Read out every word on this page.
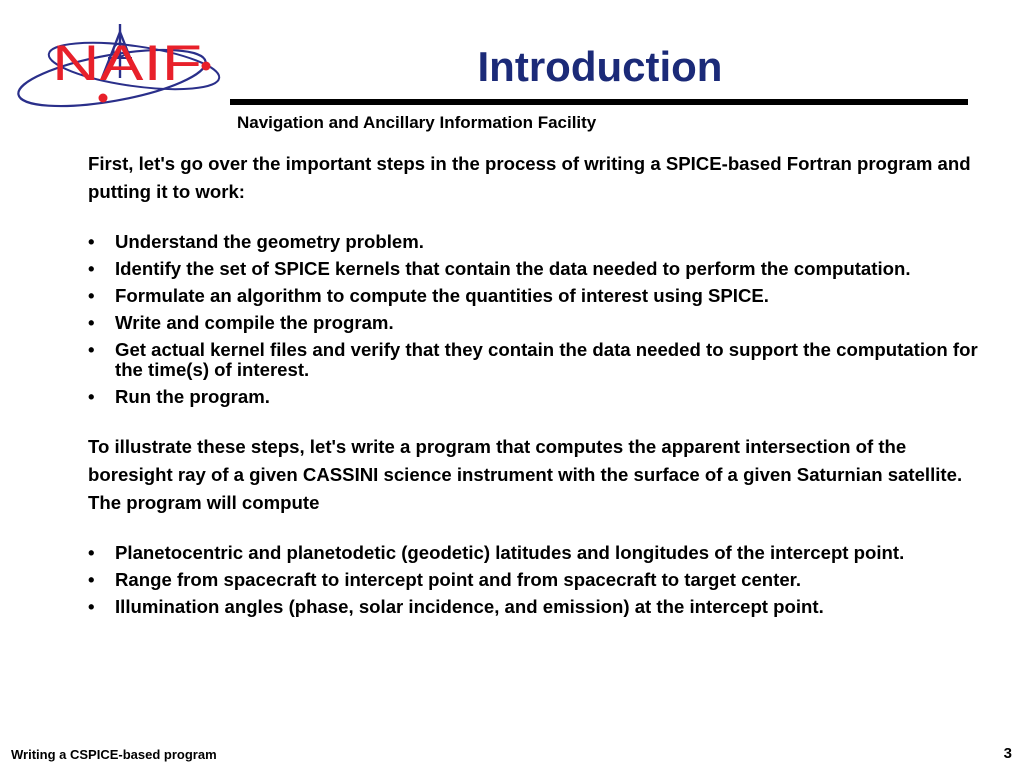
NAIF	Introduction
Navigation and Ancillary Information Facility

First, let's go over the important steps in the process of writing a SPICE-based Fortran program and putting it to work:

• Understand the geometry problem.
• Identify the set of SPICE kernels that contain the data needed to perform the computation.
• Formulate an algorithm to compute the quantities of interest using SPICE.
• Write and compile the program.
• Get actual kernel files and verify that they contain the data needed to support the computation for the time(s) of interest.
• Run the program.

To illustrate these steps, let's write a program that computes the apparent intersection of the boresight ray of a given CASSINI science instrument with the surface of a given Saturnian satellite. The program will compute

• Planetocentric and planetodetic (geodetic) latitudes and longitudes of the intercept point.
• Range from spacecraft to intercept point and from spacecraft to target center.
• Illumination angles (phase, solar incidence, and emission) at the intercept point.
Writing a CSPICE-based program	3
